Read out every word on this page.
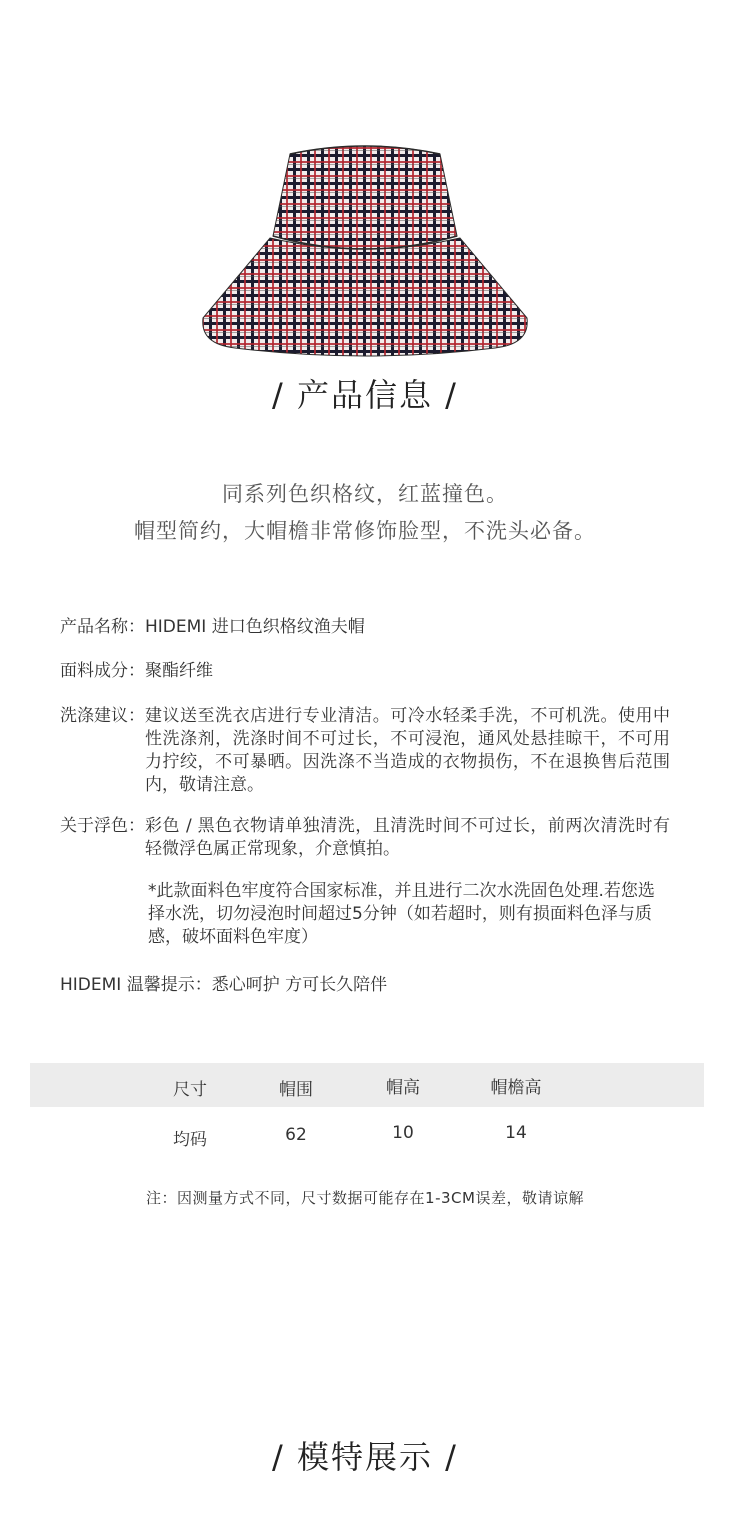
/ 产品信息 /
同系列色织格纹，红蓝撞色。
帽型简约，大帽檐非常修饰脸型，不洗头必备。
产品名称： HIDEMI 进口色织格纹渔夫帽
面料成分： 聚酯纤维
洗涤建议： 建议送至洗衣店进行专业清洁。可冷水轻柔手洗，不可机洗。使用中性洗涤剂，洗涤时间不可过长，不可浸泡，通风处悬挂晾干，不可用力拧绞，不可暴晒。因洗涤不当造成的衣物损伤，不在退换售后范围内，敬请注意。
关于浮色： 彩色 / 黑色衣物请单独清洗，且清洗时间不可过长，前两次清洗时有轻微浮色属正常现象，介意慎拍。
*此款面料色牢度符合国家标准，并且进行二次水洗固色处理.若您选择水洗，切勿浸泡时间超过5分钟（如若超时，则有损面料色泽与质感，破坏面料色牢度）
HIDEMI 温馨提示：悉心呵护 方可长久陪伴
尺寸	帽围	帽高	帽檐高
均码	62	10	14
注：因测量方式不同，尺寸数据可能存在1-3CM误差，敬请谅解
/ 模特展示 /
